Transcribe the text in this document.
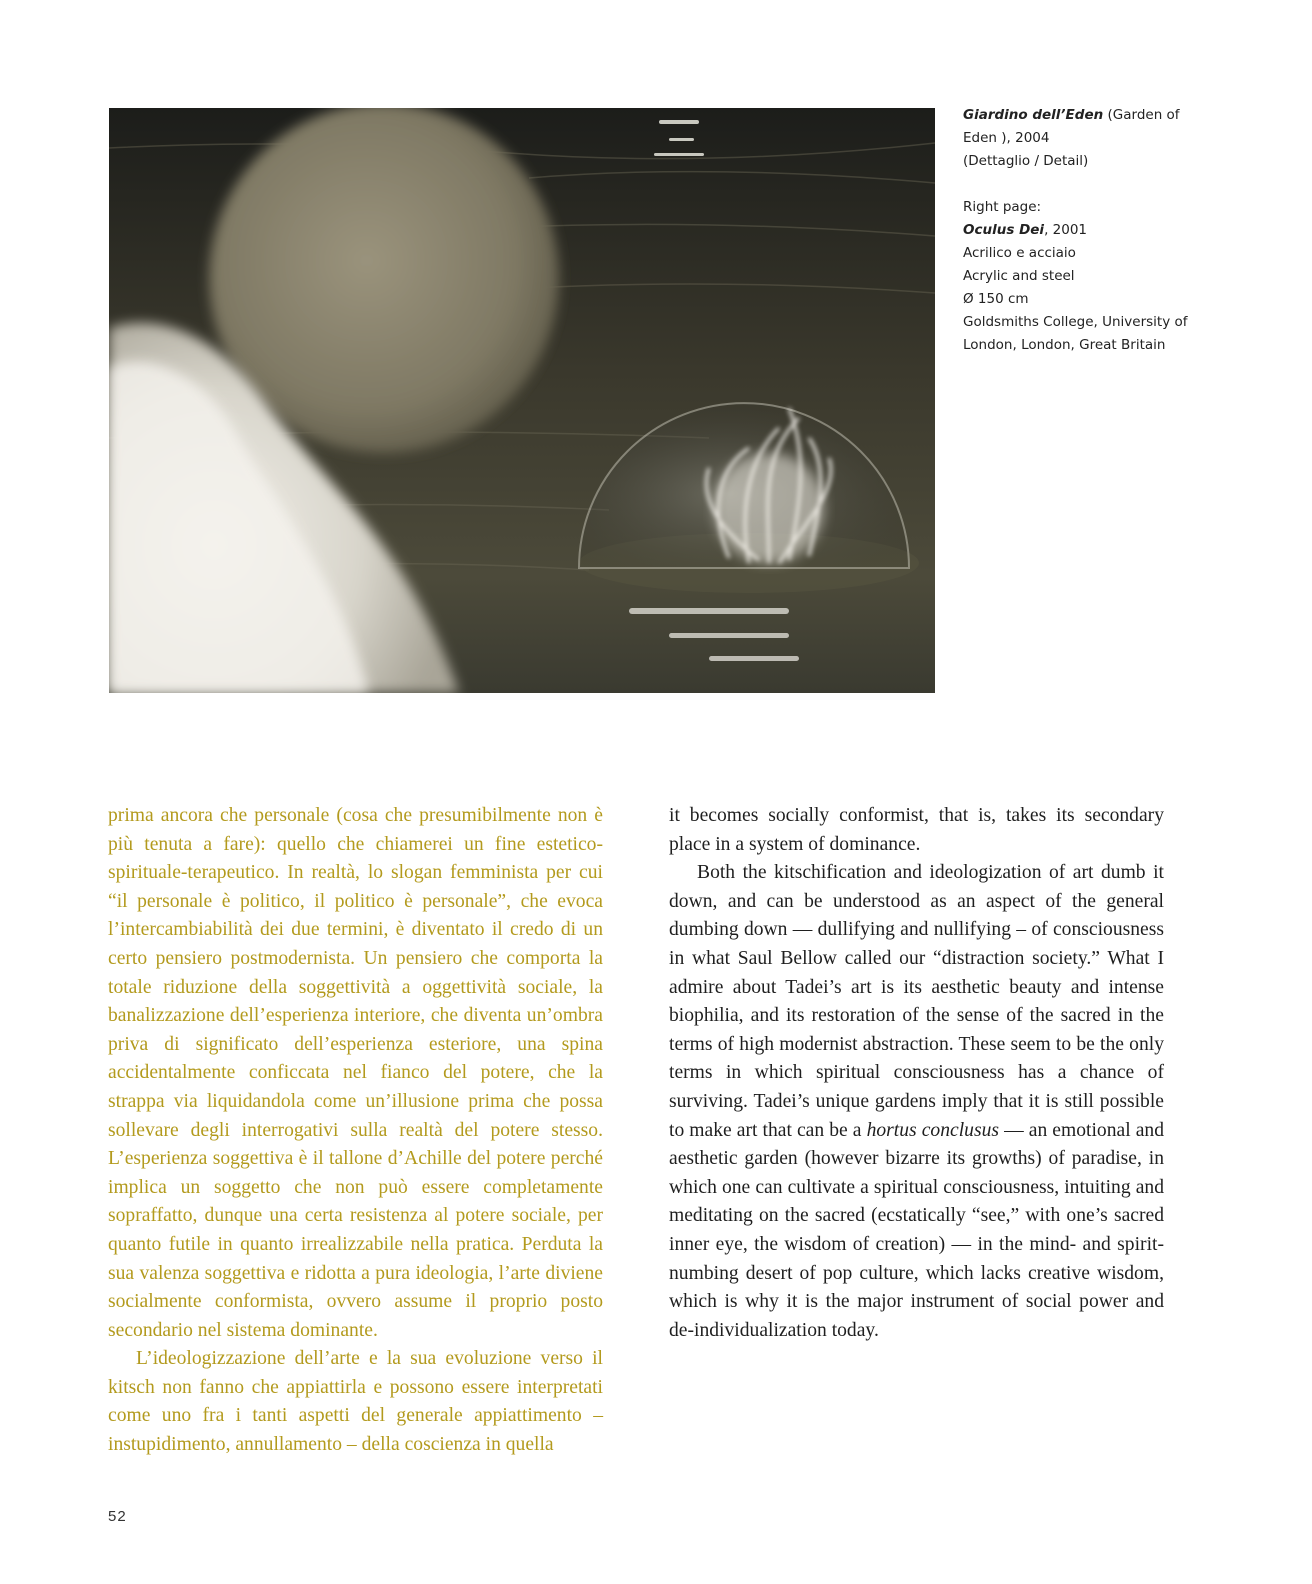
Giardino dell’Eden (Garden of Eden ), 2004

(Dettaglio / Detail)

Right page:

Oculus Dei, 2001

Acrilico e acciaio

Acrylic and steel

Ø 150 cm

Goldsmiths College, University of London, London, Great Britain

prima ancora che personale (cosa che presumibilmente non è più tenuta a fare): quello che chiamerei un fine estetico-spirituale-terapeutico. In realtà, lo slogan femminista per cui “il personale è politico, il politico è personale”, che evoca l’intercambiabilità dei due termini, è diventato il credo di un certo pensiero postmodernista. Un pensiero che comporta la totale riduzione della soggettività a oggettività sociale, la banalizzazione dell’esperienza interiore, che diventa un’ombra priva di significato dell’esperienza esteriore, una spina accidentalmente conficcata nel fianco del potere, che la strappa via liquidandola come un’illusione prima che possa sollevare degli interrogativi sulla realtà del potere stesso. L’esperienza soggettiva è il tallone d’Achille del potere perché implica un soggetto che non può essere completamente sopraffatto, dunque una certa resistenza al potere sociale, per quanto futile in quanto irrealizzabile nella pratica. Perduta la sua valenza soggettiva e ridotta a pura ideologia, l’arte diviene socialmente conformista, ovvero assume il proprio posto secondario nel sistema dominante.

L’ideologizzazione dell’arte e la sua evoluzione verso il kitsch non fanno che appiattirla e possono essere interpretati come uno fra i tanti aspetti del generale appiattimento – instupidimento, annullamento – della coscienza in quella

it becomes socially conformist, that is, takes its secondary place in a system of dominance.

Both the kitschification and ideologization of art dumb it down, and can be understood as an aspect of the general dumbing down — dullifying and nullifying – of consciousness in what Saul Bellow called our “distraction society.” What I admire about Tadei’s art is its aesthetic beauty and intense biophilia, and its restoration of the sense of the sacred in the terms of high modernist abstraction. These seem to be the only terms in which spiritual consciousness has a chance of surviving. Tadei’s unique gardens imply that it is still possible to make art that can be a hortus conclusus — an emotional and aesthetic garden (however bizarre its growths) of paradise, in which one can cultivate a spiritual consciousness, intuiting and meditating on the sacred (ecstatically “see,” with one’s sacred inner eye, the wisdom of creation) — in the mind- and spirit-numbing desert of pop culture, which lacks creative wisdom, which is why it is the major instrument of social power and de-individualization today.

52
